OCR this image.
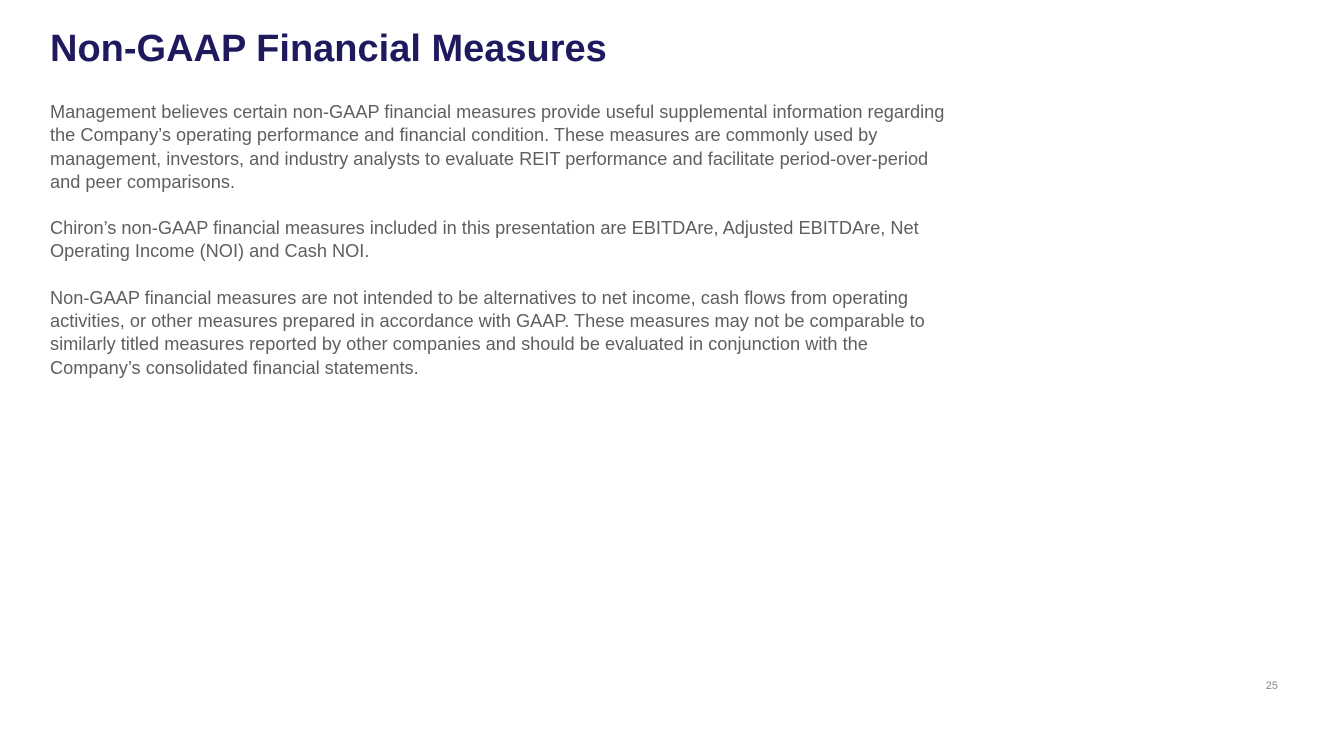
Non-GAAP Financial Measures

Management believes certain non-GAAP financial measures provide useful supplemental information regarding the Company’s operating performance and financial condition. These measures are commonly used by management, investors, and industry analysts to evaluate REIT performance and facilitate period-over-period and peer comparisons.

Chiron’s non-GAAP financial measures included in this presentation are EBITDAre, Adjusted EBITDAre, Net Operating Income (NOI) and Cash NOI.

Non-GAAP financial measures are not intended to be alternatives to net income, cash flows from operating activities, or other measures prepared in accordance with GAAP. These measures may not be comparable to similarly titled measures reported by other companies and should be evaluated in conjunction with the Company’s consolidated financial statements.

25
